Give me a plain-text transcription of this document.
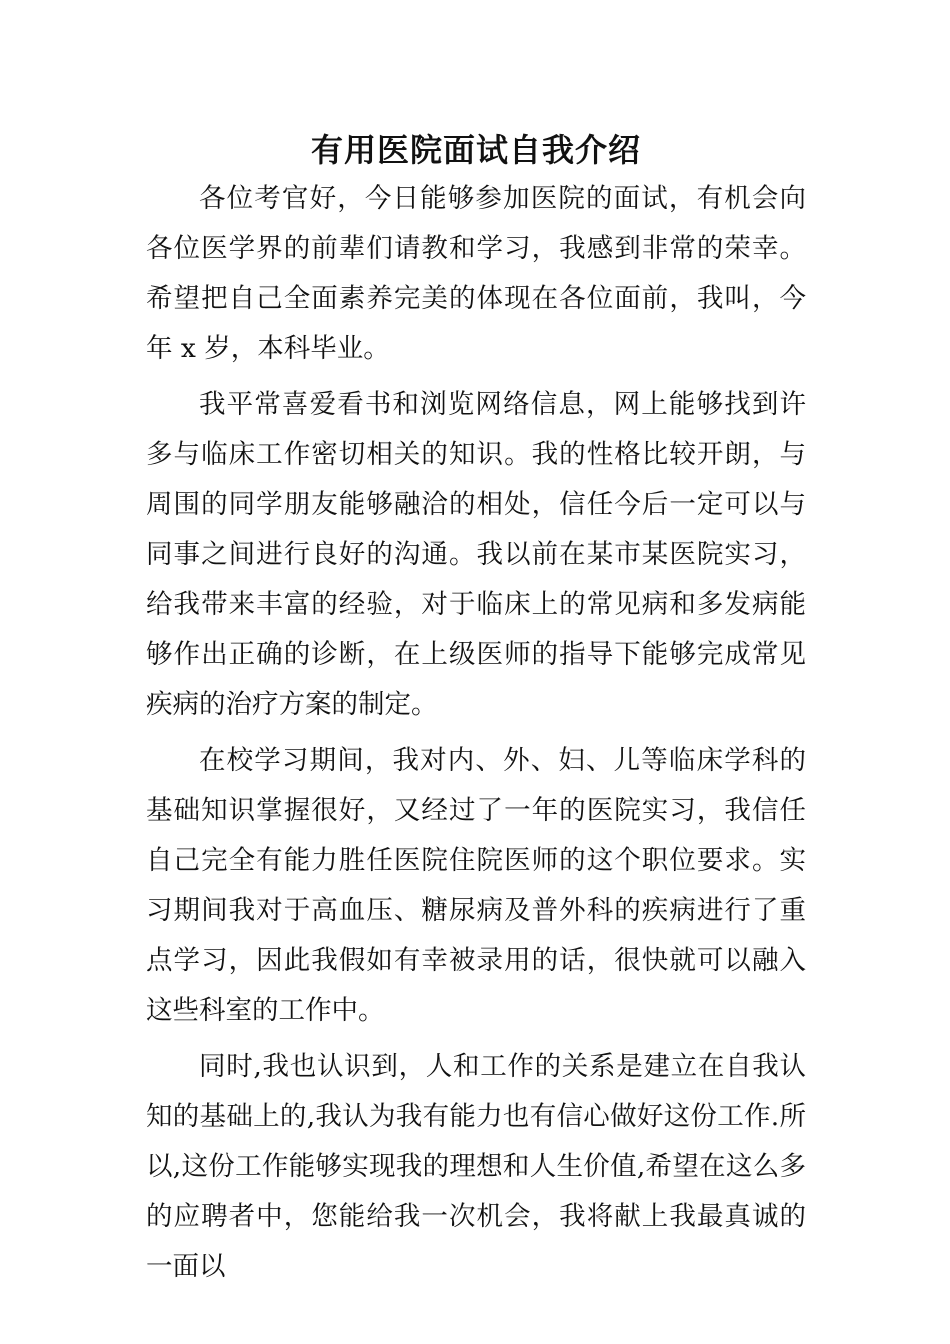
有用医院面试自我介绍

各位考官好，今日能够参加医院的面试，有机会向各位医学界的前辈们请教和学习，我感到非常的荣幸。希望把自己全面素养完美的体现在各位面前，我叫，今年 x 岁，本科毕业。

我平常喜爱看书和浏览网络信息，网上能够找到许多与临床工作密切相关的知识。我的性格比较开朗，与周围的同学朋友能够融洽的相处，信任今后一定可以与同事之间进行良好的沟通。我以前在某市某医院实习，给我带来丰富的经验，对于临床上的常见病和多发病能够作出正确的诊断，在上级医师的指导下能够完成常见疾病的治疗方案的制定。

在校学习期间，我对内、外、妇、儿等临床学科的基础知识掌握很好，又经过了一年的医院实习，我信任自己完全有能力胜任医院住院医师的这个职位要求。实习期间我对于高血压、糖尿病及普外科的疾病进行了重点学习，因此我假如有幸被录用的话，很快就可以融入这些科室的工作中。

同时,我也认识到，人和工作的关系是建立在自我认知的基础上的,我认为我有能力也有信心做好这份工作.所以,这份工作能够实现我的理想和人生价值,希望在这么多的应聘者中，您能给我一次机会，我将献上我最真诚的一面以
